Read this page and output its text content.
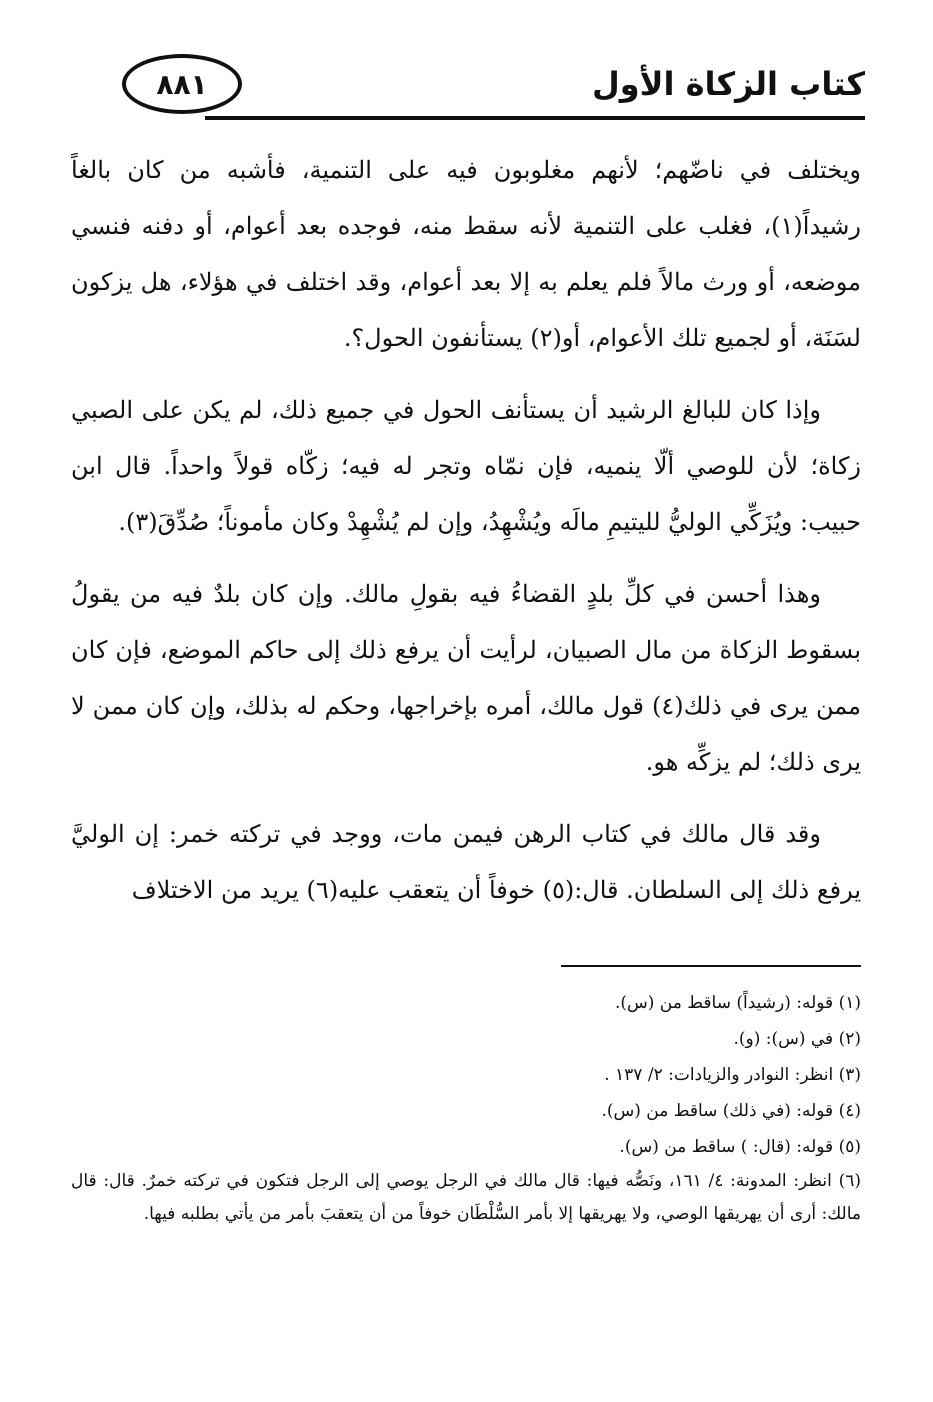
٨٨١	كتاب الزكاة الأول

ويختلف في ناضّهم؛ لأنهم مغلوبون فيه على التنمية، فأشبه من كان بالغاً رشيداً(١)، فغلب على التنمية لأنه سقط منه، فوجده بعد أعوام، أو دفنه فنسي موضعه، أو ورث مالاً فلم يعلم به إلا بعد أعوام، وقد اختلف في هؤلاء، هل يزكون لسَنَة، أو لجميع تلك الأعوام، أو(٢) يستأنفون الحول؟.

وإذا كان للبالغ الرشيد أن يستأنف الحول في جميع ذلك، لم يكن على الصبي زكاة؛ لأن للوصي ألّا ينميه، فإن نمّاه وتجر له فيه؛ زكّاه قولاً واحداً. قال ابن حبيب: ويُزَكِّي الوليُّ لليتيمِ مالَه ويُشْهِدُ، وإن لم يُشْهِدْ وكان مأموناً؛ صُدِّقَ(٣).

وهذا أحسن في كلِّ بلدٍ القضاءُ فيه بقولِ مالك. وإن كان بلدٌ فيه من يقولُ بسقوط الزكاة من مال الصبيان، لرأيت أن يرفع ذلك إلى حاكم الموضع، فإن كان ممن يرى في ذلك(٤) قول مالك، أمره بإخراجها، وحكم له بذلك، وإن كان ممن لا يرى ذلك؛ لم يزكِّه هو.

وقد قال مالك في كتاب الرهن فيمن مات، ووجد في تركته خمر: إن الوليَّ يرفع ذلك إلى السلطان. قال:(٥) خوفاً أن يتعقب عليه(٦) يريد من الاختلاف

(١) قوله: (رشيداً) ساقط من (س).

(٢) في (س): (و).

(٣) انظر: النوادر والزيادات: ٢/ ١٣٧ .

(٤) قوله: (في ذلك) ساقط من (س).

(٥) قوله: (قال: ) ساقط من (س).

(٦) انظر: المدونة: ٤/ ١٦١، ونَصُّه فيها: قال مالك في الرجل يوصي إلى الرجل فتكون في تركته خمرٌ. قال: قال مالك: أرى أن يهريقها الوصي، ولا يهريقها إلا بأمر السُّلْطَان خوفاً من أن يتعقبَ بأمر من يأتي بطلبه فيها.
